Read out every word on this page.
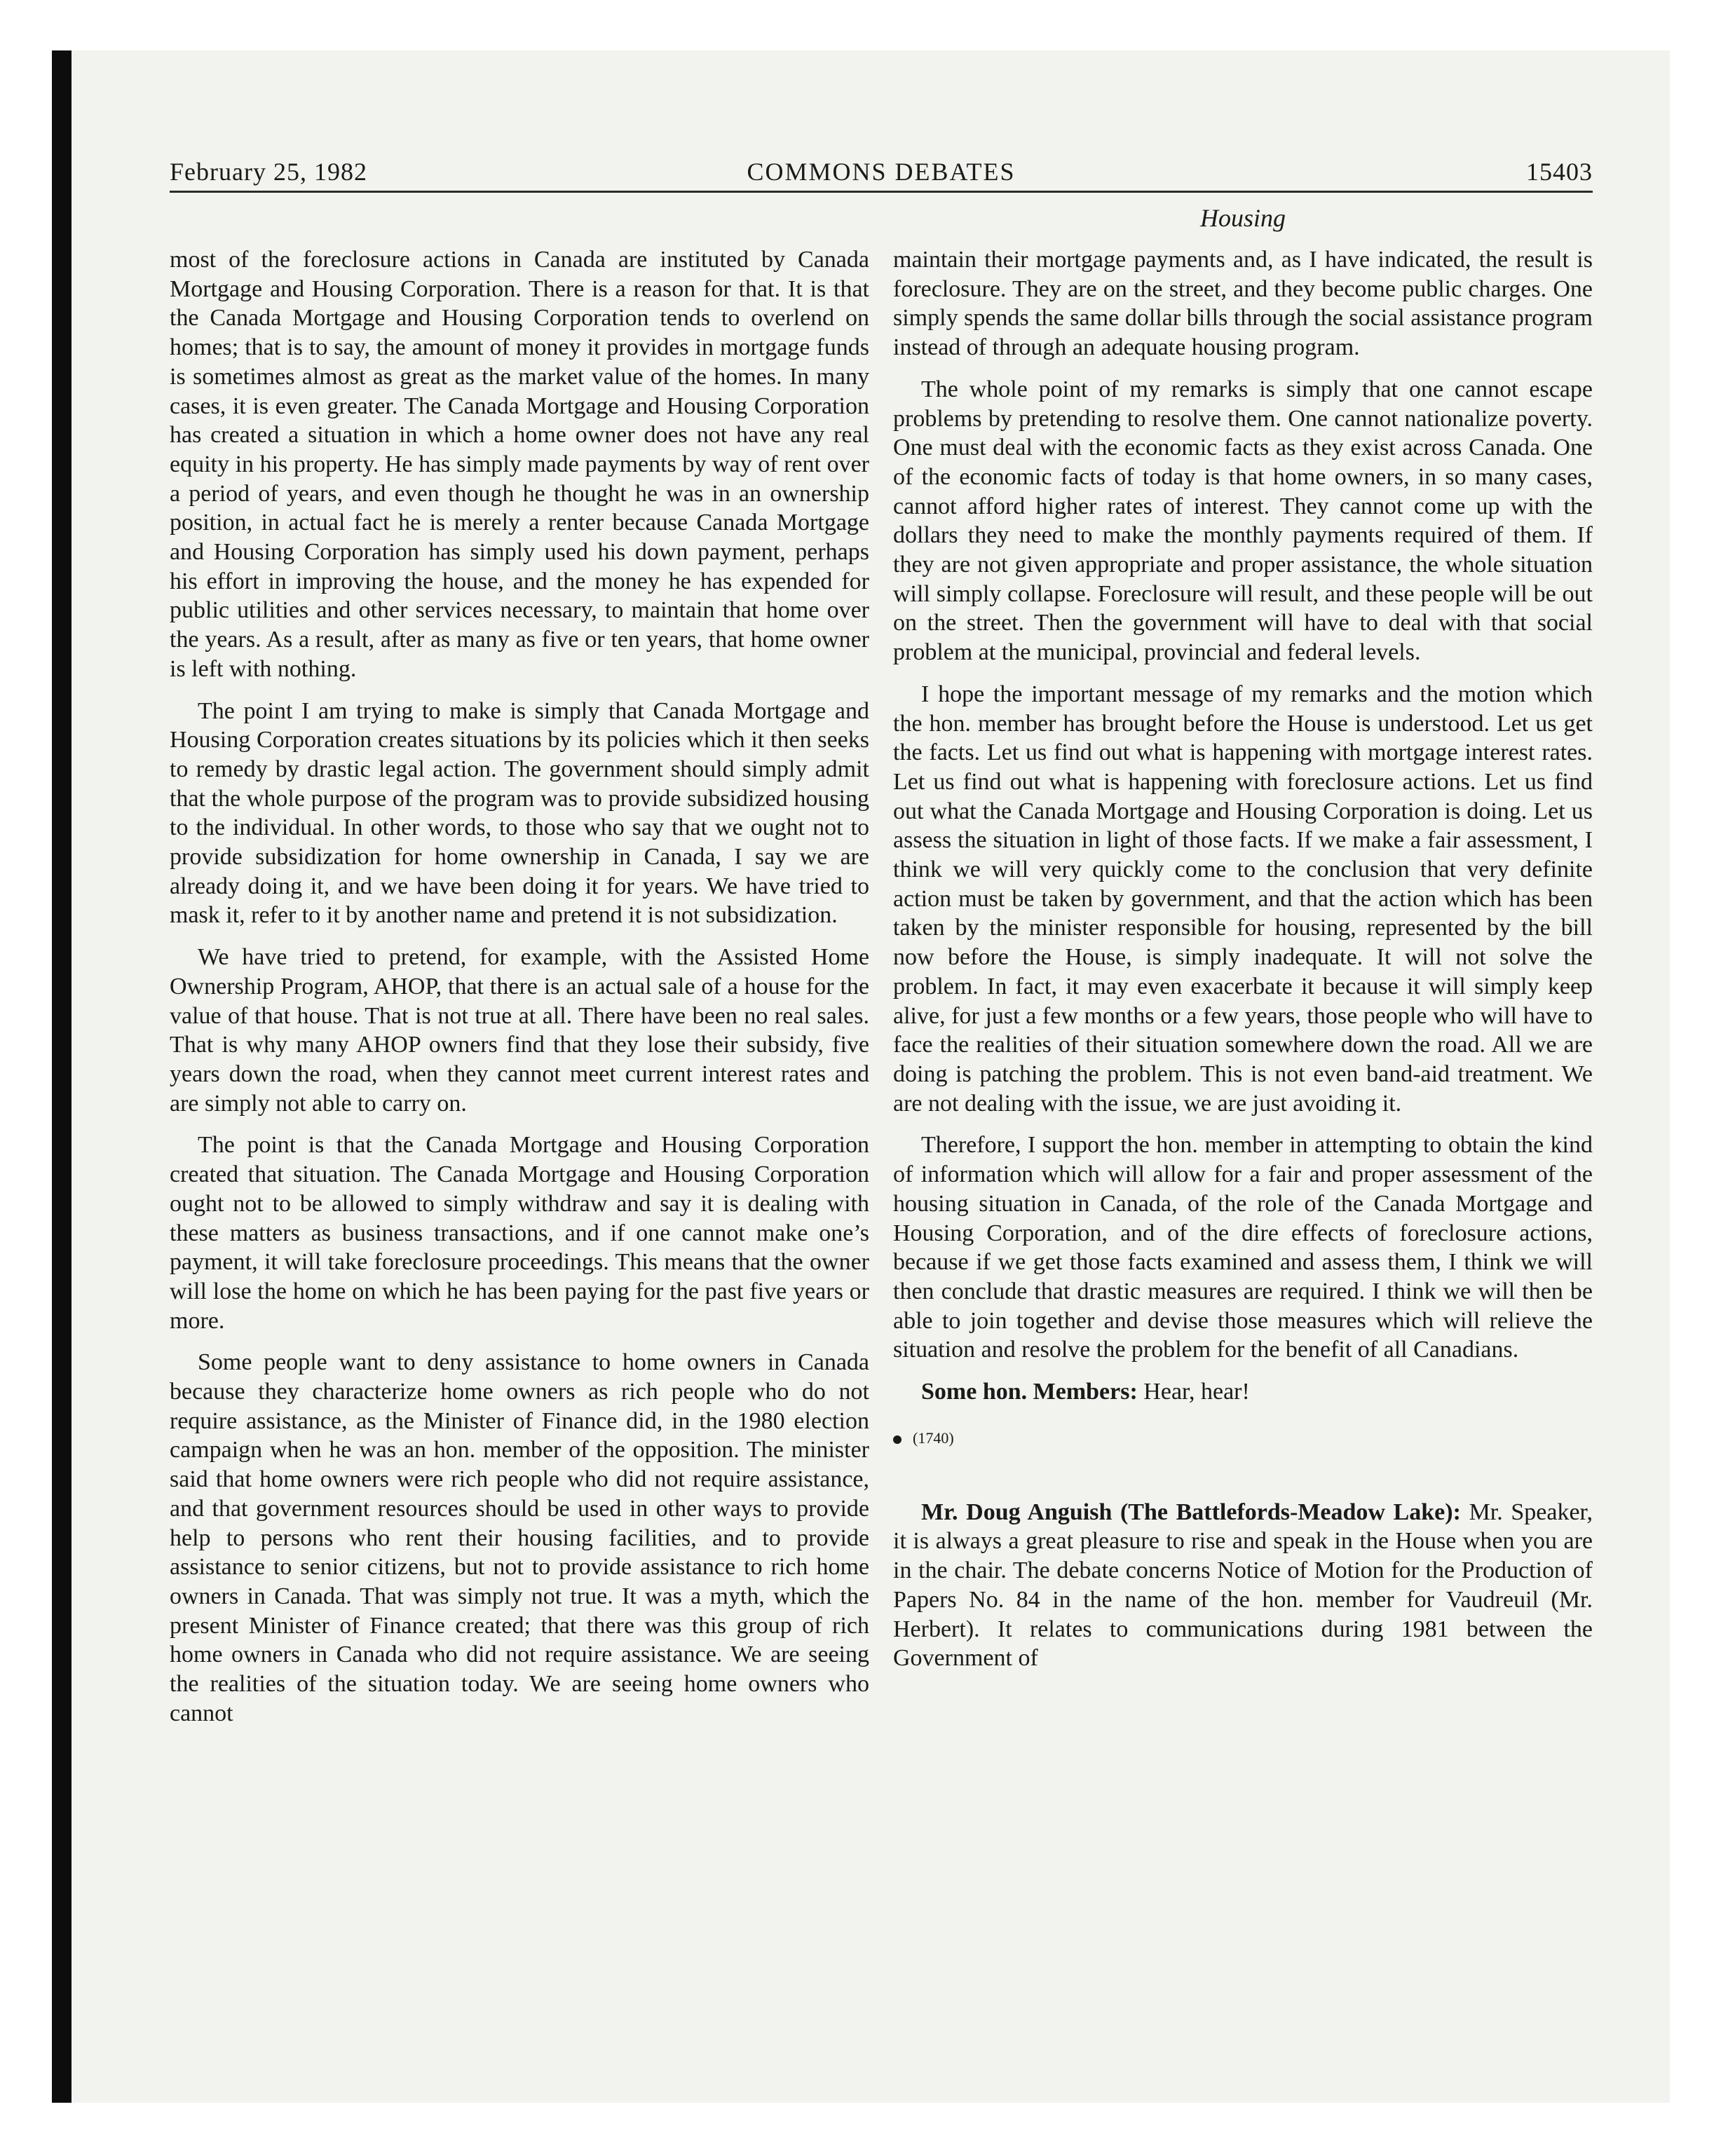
February 25, 1982	COMMONS DEBATES	15403
Housing

most of the foreclosure actions in Canada are instituted by Canada Mortgage and Housing Corporation. There is a reason for that. It is that the Canada Mortgage and Housing Corporation tends to overlend on homes; that is to say, the amount of money it provides in mortgage funds is sometimes almost as great as the market value of the homes. In many cases, it is even greater. The Canada Mortgage and Housing Corporation has created a situation in which a home owner does not have any real equity in his property. He has simply made payments by way of rent over a period of years, and even though he thought he was in an ownership position, in actual fact he is merely a renter because Canada Mortgage and Housing Corporation has simply used his down payment, perhaps his effort in improving the house, and the money he has expended for public utilities and other services necessary, to maintain that home over the years. As a result, after as many as five or ten years, that home owner is left with nothing.

The point I am trying to make is simply that Canada Mortgage and Housing Corporation creates situations by its policies which it then seeks to remedy by drastic legal action. The government should simply admit that the whole purpose of the program was to provide subsidized housing to the individual. In other words, to those who say that we ought not to provide subsidization for home ownership in Canada, I say we are already doing it, and we have been doing it for years. We have tried to mask it, refer to it by another name and pretend it is not subsidization.

We have tried to pretend, for example, with the Assisted Home Ownership Program, AHOP, that there is an actual sale of a house for the value of that house. That is not true at all. There have been no real sales. That is why many AHOP owners find that they lose their subsidy, five years down the road, when they cannot meet current interest rates and are simply not able to carry on.

The point is that the Canada Mortgage and Housing Corporation created that situation. The Canada Mortgage and Housing Corporation ought not to be allowed to simply withdraw and say it is dealing with these matters as business transactions, and if one cannot make one’s payment, it will take foreclosure proceedings. This means that the owner will lose the home on which he has been paying for the past five years or more.

Some people want to deny assistance to home owners in Canada because they characterize home owners as rich people who do not require assistance, as the Minister of Finance did, in the 1980 election campaign when he was an hon. member of the opposition. The minister said that home owners were rich people who did not require assistance, and that government resources should be used in other ways to provide help to persons who rent their housing facilities, and to provide assistance to senior citizens, but not to provide assistance to rich home owners in Canada. That was simply not true. It was a myth, which the present Minister of Finance created; that there was this group of rich home owners in Canada who did not require assistance. We are seeing the realities of the situation today. We are seeing home owners who cannot

maintain their mortgage payments and, as I have indicated, the result is foreclosure. They are on the street, and they become public charges. One simply spends the same dollar bills through the social assistance program instead of through an adequate housing program.

The whole point of my remarks is simply that one cannot escape problems by pretending to resolve them. One cannot nationalize poverty. One must deal with the economic facts as they exist across Canada. One of the economic facts of today is that home owners, in so many cases, cannot afford higher rates of interest. They cannot come up with the dollars they need to make the monthly payments required of them. If they are not given appropriate and proper assistance, the whole situation will simply collapse. Foreclosure will result, and these people will be out on the street. Then the government will have to deal with that social problem at the municipal, provincial and federal levels.

I hope the important message of my remarks and the motion which the hon. member has brought before the House is understood. Let us get the facts. Let us find out what is happening with mortgage interest rates. Let us find out what is happening with foreclosure actions. Let us find out what the Canada Mortgage and Housing Corporation is doing. Let us assess the situation in light of those facts. If we make a fair assessment, I think we will very quickly come to the conclusion that very definite action must be taken by government, and that the action which has been taken by the minister responsible for housing, represented by the bill now before the House, is simply inadequate. It will not solve the problem. In fact, it may even exacerbate it because it will simply keep alive, for just a few months or a few years, those people who will have to face the realities of their situation somewhere down the road. All we are doing is patching the problem. This is not even band-aid treatment. We are not dealing with the issue, we are just avoiding it.

Therefore, I support the hon. member in attempting to obtain the kind of information which will allow for a fair and proper assessment of the housing situation in Canada, of the role of the Canada Mortgage and Housing Corporation, and of the dire effects of foreclosure actions, because if we get those facts examined and assess them, I think we will then conclude that drastic measures are required. I think we will then be able to join together and devise those measures which will relieve the situation and resolve the problem for the benefit of all Canadians.

Some hon. Members: Hear, hear!
(1740)

Mr. Doug Anguish (The Battlefords-Meadow Lake): Mr. Speaker, it is always a great pleasure to rise and speak in the House when you are in the chair. The debate concerns Notice of Motion for the Production of Papers No. 84 in the name of the hon. member for Vaudreuil (Mr. Herbert). It relates to communications during 1981 between the Government of
